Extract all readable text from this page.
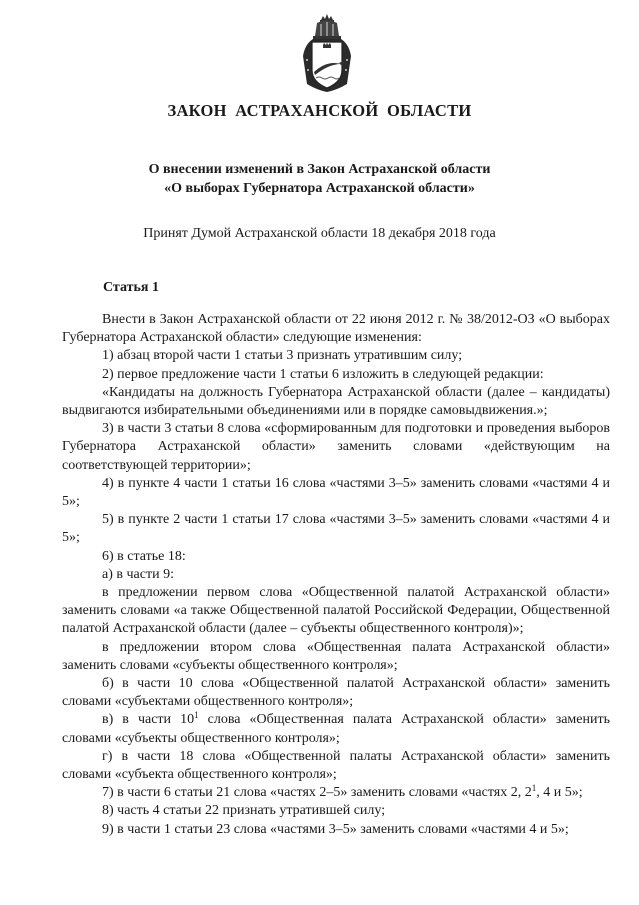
ЗАКОН АСТРАХАНСКОЙ ОБЛАСТИ
О внесении изменений в Закон Астраханской области
«О выборах Губернатора Астраханской области»
Принят Думой Астраханской области 18 декабря 2018 года
Статья 1

Внести в Закон Астраханской области от 22 июня 2012 г. № 38/2012-ОЗ «О выборах Губернатора Астраханской области» следующие изменения:

1) абзац второй части 1 статьи 3 признать утратившим силу;

2) первое предложение части 1 статьи 6 изложить в следующей редакции:

«Кандидаты на должность Губернатора Астраханской области (далее – кандидаты) выдвигаются избирательными объединениями или в порядке самовыдвижения.»;

3) в части 3 статьи 8 слова «сформированным для подготовки и проведения выборов Губернатора Астраханской области» заменить словами «действующим на соответствующей территории»;

4) в пункте 4 части 1 статьи 16 слова «частями 3–5» заменить словами «частями 4 и 5»;

5) в пункте 2 части 1 статьи 17 слова «частями 3–5» заменить словами «частями 4 и 5»;

6) в статье 18:

а) в части 9:

в предложении первом слова «Общественной палатой Астраханской области» заменить словами «а также Общественной палатой Российской Федерации, Общественной палатой Астраханской области (далее – субъекты общественного контроля)»;

в предложении втором слова «Общественная палата Астраханской области» заменить словами «субъекты общественного контроля»;

б) в части 10 слова «Общественной палатой Астраханской области» заменить словами «субъектами общественного контроля»;

в) в части $10^1$ слова «Общественная палата Астраханской области» заменить словами «субъекты общественного контроля»;

г) в части 18 слова «Общественной палаты Астраханской области» заменить словами «субъекта общественного контроля»;

7) в части 6 статьи 21 слова «частях 2–5» заменить словами «частях 2, $2^1$, 4 и 5»;

8) часть 4 статьи 22 признать утратившей силу;

9) в части 1 статьи 23 слова «частями 3–5» заменить словами «частями 4 и 5»;
